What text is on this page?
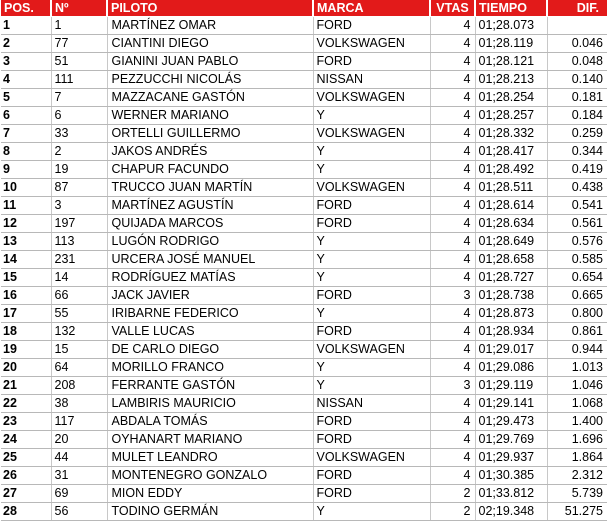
POS.	Nº	PILOTO	MARCA	VTAS	TIEMPO	DIF.
1	1	MARTÍNEZ OMAR	FORD	4	01;28.073	
2	77	CIANTINI DIEGO	VOLKSWAGEN	4	01;28.119	0.046
3	51	GIANINI JUAN PABLO	FORD	4	01;28.121	0.048
4	111	PEZZUCCHI NICOLÁS	NISSAN	4	01;28.213	0.140
5	7	MAZZACANE GASTÓN	VOLKSWAGEN	4	01;28.254	0.181
6	6	WERNER MARIANO	Y	4	01;28.257	0.184
7	33	ORTELLI GUILLERMO	VOLKSWAGEN	4	01;28.332	0.259
8	2	JAKOS ANDRÉS	Y	4	01;28.417	0.344
9	19	CHAPUR FACUNDO	Y	4	01;28.492	0.419
10	87	TRUCCO JUAN MARTÍN	VOLKSWAGEN	4	01;28.511	0.438
11	3	MARTÍNEZ AGUSTÍN	FORD	4	01;28.614	0.541
12	197	QUIJADA MARCOS	FORD	4	01;28.634	0.561
13	113	LUGÓN RODRIGO	Y	4	01;28.649	0.576
14	231	URCERA JOSÉ MANUEL	Y	4	01;28.658	0.585
15	14	RODRÍGUEZ MATÍAS	Y	4	01;28.727	0.654
16	66	JACK JAVIER	FORD	3	01;28.738	0.665
17	55	IRIBARNE FEDERICO	Y	4	01;28.873	0.800
18	132	VALLE LUCAS	FORD	4	01;28.934	0.861
19	15	DE CARLO DIEGO	VOLKSWAGEN	4	01;29.017	0.944
20	64	MORILLO FRANCO	Y	4	01;29.086	1.013
21	208	FERRANTE GASTÓN	Y	3	01;29.119	1.046
22	38	LAMBIRIS MAURICIO	NISSAN	4	01;29.141	1.068
23	117	ABDALA TOMÁS	FORD	4	01;29.473	1.400
24	20	OYHANART MARIANO	FORD	4	01;29.769	1.696
25	44	MULET LEANDRO	VOLKSWAGEN	4	01;29.937	1.864
26	31	MONTENEGRO GONZALO	FORD	4	01;30.385	2.312
27	69	MION EDDY	FORD	2	01;33.812	5.739
28	56	TODINO GERMÁN	Y	2	02;19.348	51.275
